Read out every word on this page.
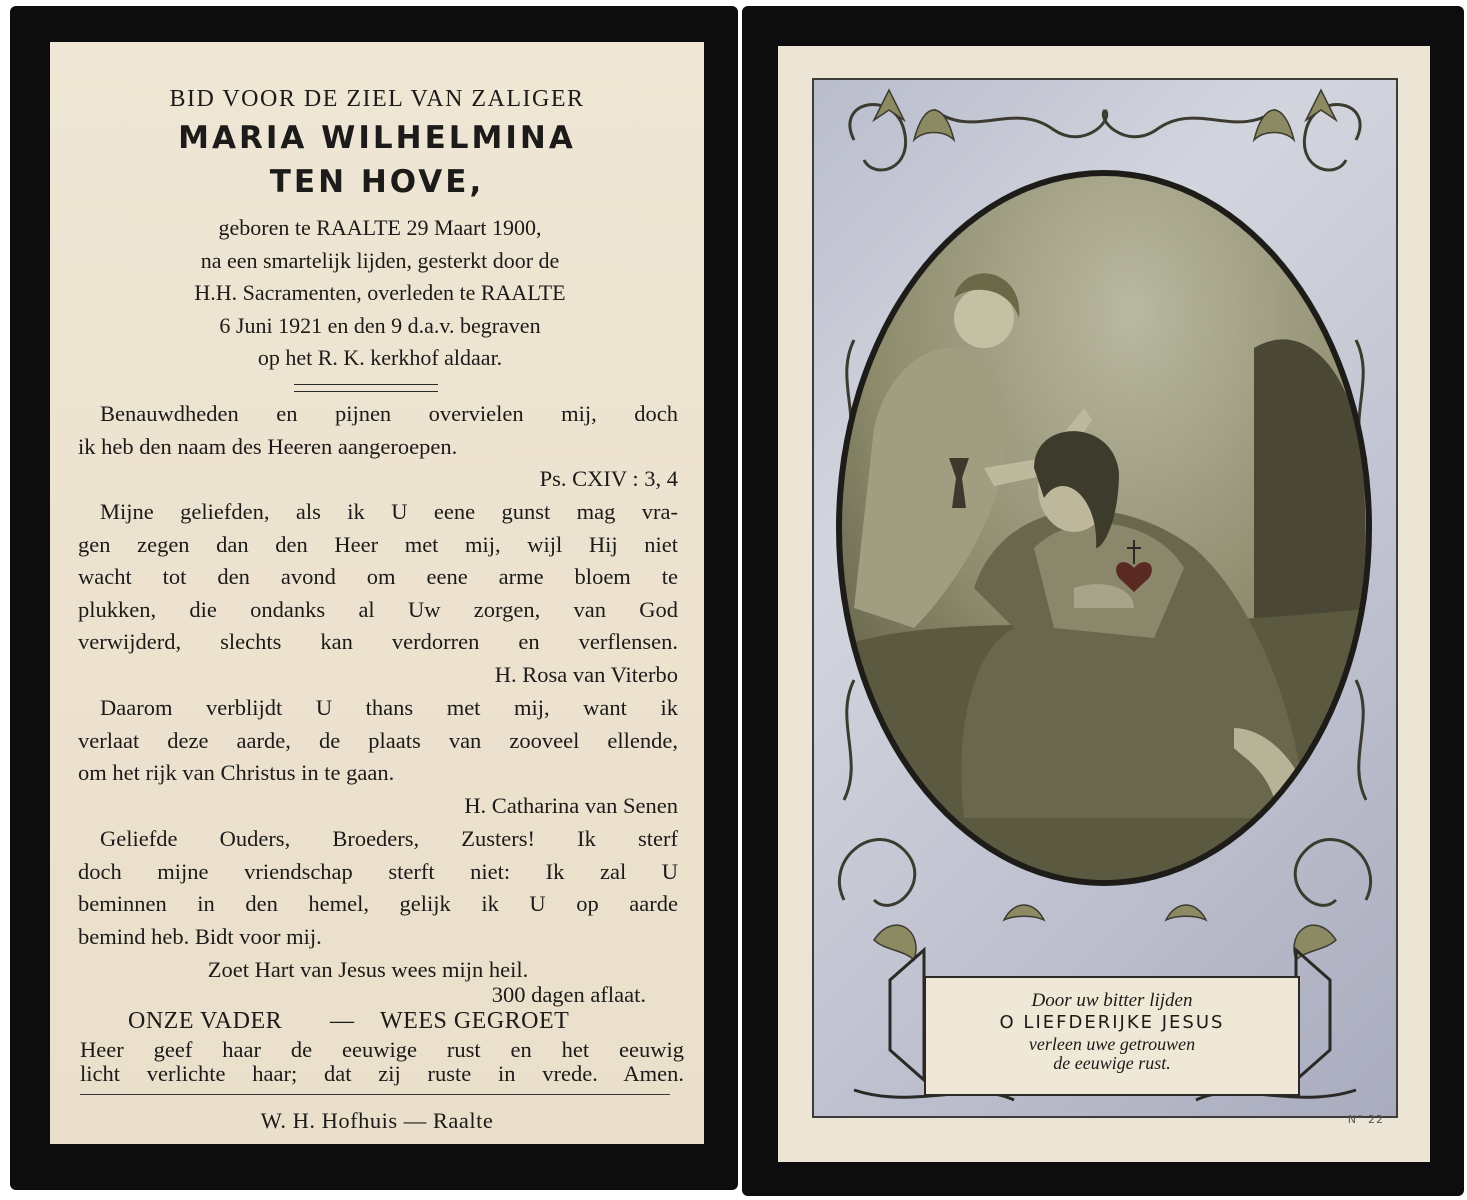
BID VOOR DE ZIEL VAN ZALIGER
MARIA WILHELMINA
TEN HOVE,
geboren te RAALTE 29 Maart 1900,
na een smartelijk lijden, gesterkt door de
H.H. Sacramenten, overleden te RAALTE
6 Juni 1921 en den 9 d.a.v. begraven
op het R. K. kerkhof aldaar.
Benauwdheden en pijnen overvielen mij, doch
ik heb den naam des Heeren aangeroepen.
Ps. CXIV : 3, 4
Mijne geliefden, als ik U eene gunst mag vra-
gen zegen dan den Heer met mij, wijl Hij niet
wacht tot den avond om eene arme bloem te
plukken, die ondanks al Uw zorgen, van God
verwijderd, slechts kan verdorren en verflensen.
H. Rosa van Viterbo
Daarom verblijdt U thans met mij, want ik
verlaat deze aarde, de plaats van zooveel ellende,
om het rijk van Christus in te gaan.
H. Catharina van Senen
Geliefde Ouders, Broeders, Zusters! Ik sterf
doch mijne vriendschap sterft niet: Ik zal U
beminnen in den hemel, gelijk ik U op aarde
bemind heb. Bidt voor mij.
Zoet Hart van Jesus wees mijn heil.
300 dagen aflaat.
ONZE VADER — WEES GEGROET
Heer geef haar de eeuwige rust en het eeuwig
licht verlichte haar; dat zij ruste in vrede. Amen.
W. H. Hofhuis — Raalte
Door uw bitter lijden
O LIEFDERIJKE JESUS
verleen uwe getrouwen
de eeuwige rust.
N° 22
